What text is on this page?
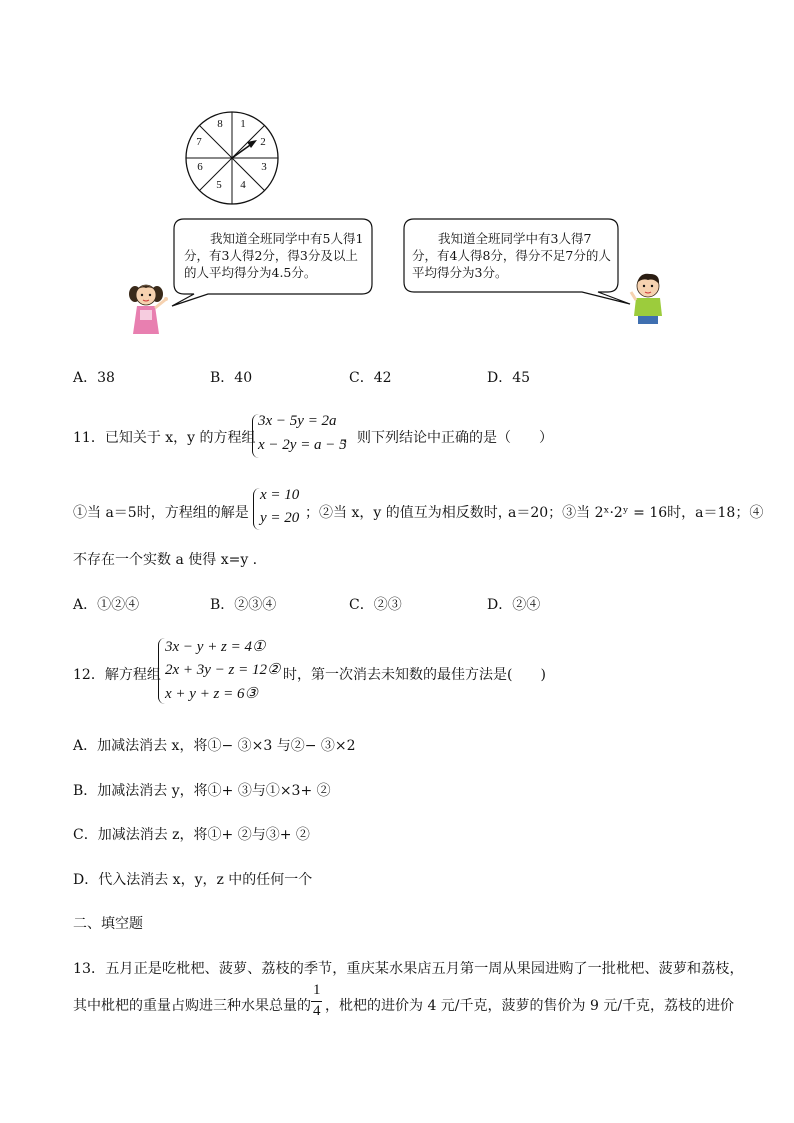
1
2
3
4
5
6
7
8
我知道全班同学中有5人得1分，有3人得2分，得3分及以上的人平均得分为4.5分。
我知道全班同学中有3人得7分，有4人得8分，得分不足7分的人平均得分为3分。
A．38	B．40	C．42	D．45
11．已知关于 x，y 的方程组
3x − 5y = 2a
x − 2y = a − 5
，则下列结论中正确的是（　　）
①当 a＝5时，方程组的解是
x = 10
y = 20 ；②当 x，y 的值互为相反数时，
a＝20；③当 2ˣ·2ʸ = 16时，a＝18；④
不存在一个实数 a 使得 x=y .
A．①②④	B．②③④	C．②③	D．②④
12．解方程组
3x − y + z = 4①
2x + 3y − z = 12②
x + y + z = 6③
时，第一次消去未知数的最佳方法是(　　)
A．加减法消去 x，将①− ③×3 与②− ③×2
B．加减法消去 y，将①+ ③与①×3+ ②
C．加减法消去 z，将①+ ②与③+ ②
D．代入法消去 x，y，z 中的任何一个
二、填空题
13．五月正是吃枇杷、菠萝、荔枝的季节，重庆某水果店五月第一周从果园进购了一批枇杷、菠萝和荔枝，
其中枇杷的重量占购进三种水果总量的
1
4 ，枇杷的进价为 4 元/千克，菠萝的售价为 9 元/千克，荔枝的进价
